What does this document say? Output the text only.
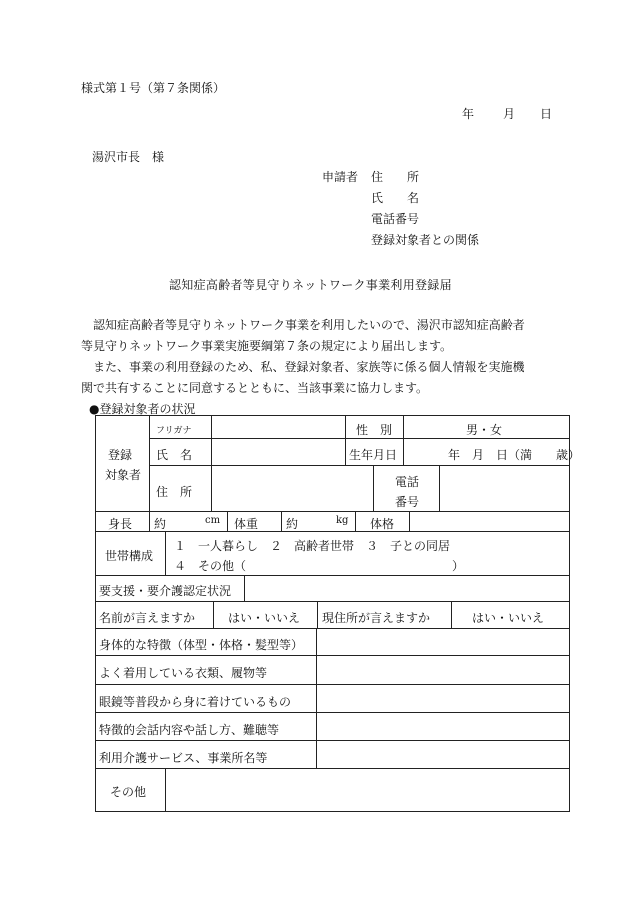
様式第１号（第７条関係）
年 月 日
湯沢市長　様
申請者 住　　所
氏　　名
電話番号
登録対象者との関係
認知症高齢者等見守りネットワーク事業利用登録届
認知症高齢者等見守りネットワーク事業を利用したいので、湯沢市認知症高齢者
等見守りネットワーク事業実施要綱第７条の規定により届出します。
また、事業の利用登録のため、私、登録対象者、家族等に係る個人情報を実施機
関で共有することに同意するとともに、当該事業に協力します。
●登録対象者の状況
登録
対象者
フリガナ	性　別	男・女
氏　名	生年月日	年　月　日（満　　歳）
住　所
電話
番号
身長 約	cm 体重 約	kg 体格
世帯構成
１　一人暮らし　２　高齢者世帯　３　子との同居
４　その他（	）
要支援・要介護認定状況
名前が言えますか	はい・いいえ 現住所が言えますか	はい・いいえ
身体的な特徴（体型・体格・髪型等）
よく着用している衣類、履物等
眼鏡等普段から身に着けているもの
特徴的会話内容や話し方、難聴等
利用介護サービス、事業所名等
その他
